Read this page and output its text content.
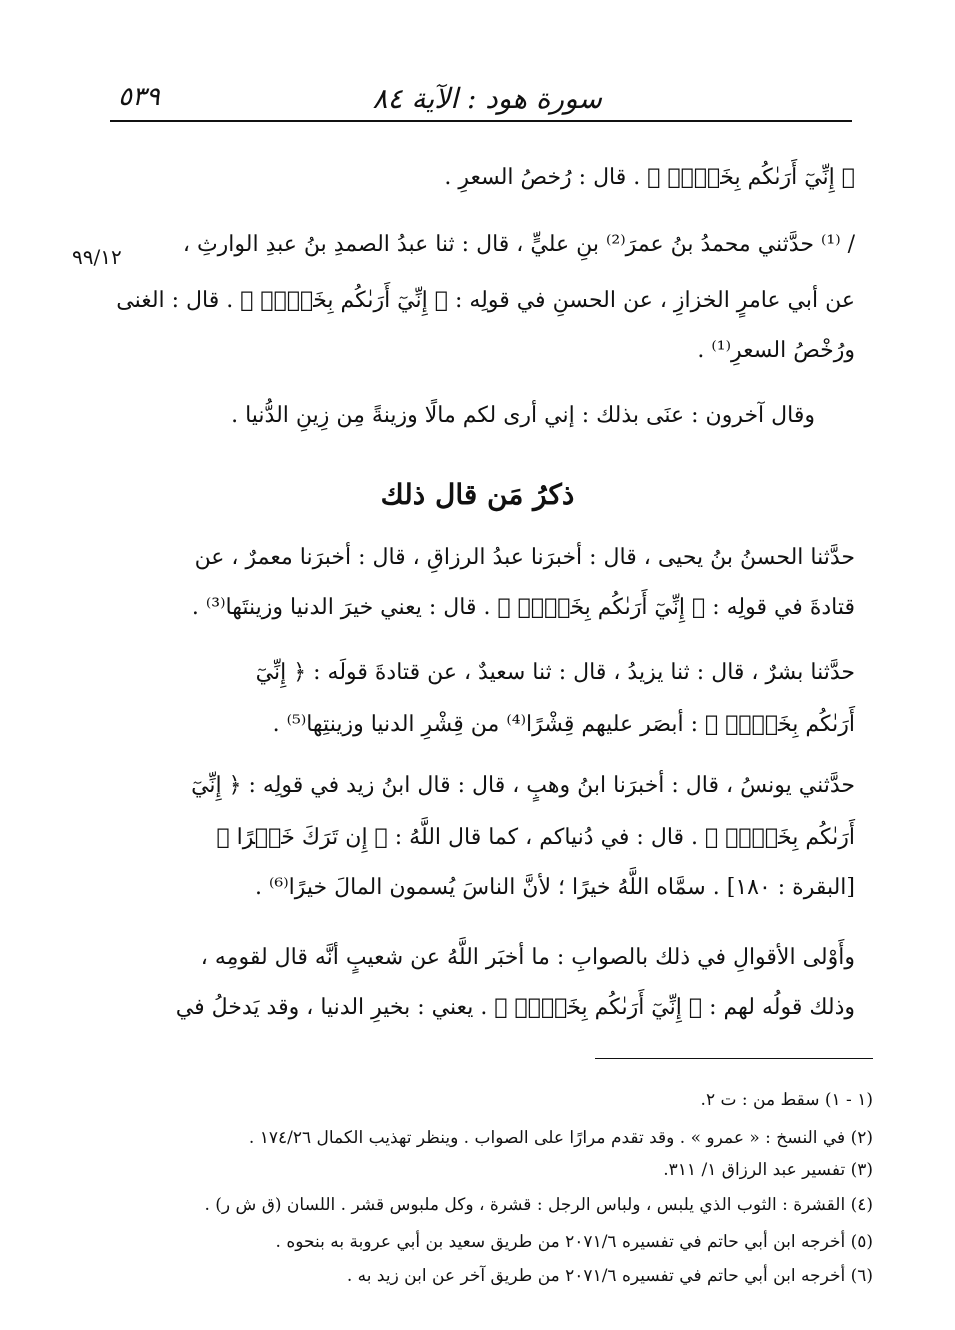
سورة هود : الآية ٨٤
٥٣٩
﴿ إِنِّيٓ أَرَىٰكُم بِخَيۡرٖ ﴾ . قال : رُخصُ السعرِ .
/ ⁽¹⁾ حدَّثني محمدُ بنُ عمرَ⁽²⁾ بنِ عليٍّ ، قال : ثنا عبدُ الصمدِ بنُ عبدِ الوارثِ ،
٩٩/١٢
عن أبي عامرٍ الخزازِ ، عن الحسنِ في قولِه : ﴿ إِنِّيٓ أَرَىٰكُم بِخَيۡرٖ ﴾ . قال : الغنى
ورُخْصُ السعرِ⁽¹⁾ .
وقال آخرون : عنَى بذلك : إني أرى لكم مالًا وزينةً مِن زِينِ الدُّنيا .
ذكرُ مَن قال ذلك
حدَّثنا الحسنُ بنُ يحيى ، قال : أخبرَنا عبدُ الرزاقِ ، قال : أخبرَنا معمرٌ ، عن
قتادةَ في قولِه : ﴿ إِنِّيٓ أَرَىٰكُم بِخَيۡرٖ ﴾ . قال : يعني خيرَ الدنيا وزينتَها⁽³⁾ .
حدَّثنا بشرٌ ، قال : ثنا يزيدُ ، قال : ثنا سعيدٌ ، عن قتادةَ قولَه : ﴿ إِنِّيٓ
أَرَىٰكُم بِخَيۡرٖ ﴾ : أبصَر عليهم قِشْرًا⁽⁴⁾ من قِشْرِ الدنيا وزينتِها⁽⁵⁾ .
حدَّثني يونسُ ، قال : أخبرَنا ابنُ وهبٍ ، قال : قال ابنُ زيد في قولِه : ﴿ إِنِّيٓ
أَرَىٰكُم بِخَيۡرٖ ﴾ . قال : في دُنياكم ، كما قال اللَّهُ : ﴿ إِن تَرَكَ خَيۡرًا ﴾
[البقرة : ١٨٠] . سمَّاه اللَّهُ خيرًا ؛ لأنَّ الناسَ يُسمون المالَ خيرًا⁽⁶⁾ .
وأَوْلى الأقوالِ في ذلك بالصوابِ : ما أخبَر اللَّهُ عن شعيبٍ أنَّه قال لقومِه ،
وذلك قولُه لهم : ﴿ إِنِّيٓ أَرَىٰكُم بِخَيۡرٖ ﴾ . يعني : بخيرِ الدنيا ، وقد يَدخلُ في
(١ - ١) سقط من : ت ٢.
(٢) في النسخ : « عمرو » . وقد تقدم مرارًا على الصواب . وينظر تهذيب الكمال ١٧٤/٢٦ .
(٣) تفسير عبد الرزاق ١/ ٣١١.
(٤) القشرة : الثوب الذي يلبس ، ولباس الرجل : قشرة ، وكل ملبوس قشر . اللسان (ق ش ر) .
(٥) أخرجه ابن أبي حاتم في تفسيره ٢٠٧١/٦ من طريق سعيد بن أبي عروبة به بنحوه .
(٦) أخرجه ابن أبي حاتم في تفسيره ٢٠٧١/٦ من طريق آخر عن ابن زيد به .
